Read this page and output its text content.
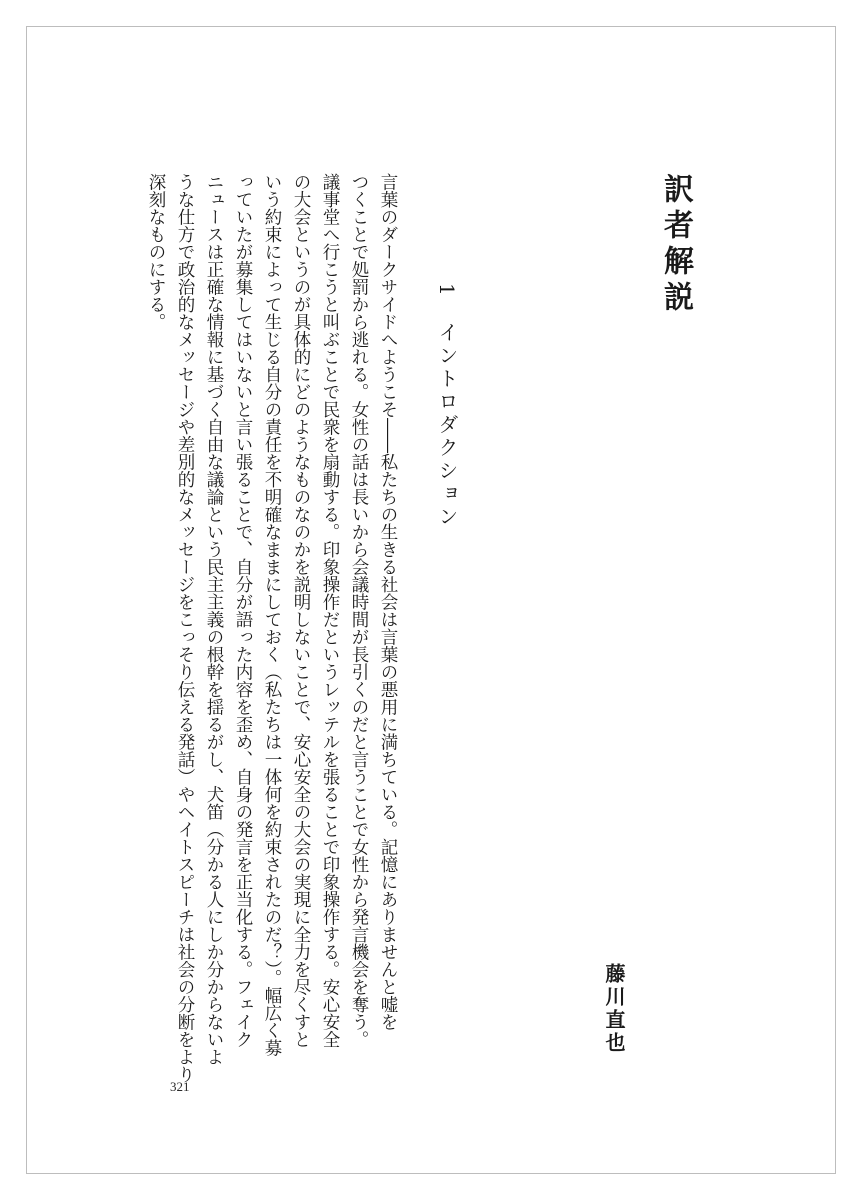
訳者解説
1　イントロダクション
藤川直也
言葉のダークサイドへようこそ――私たちの生きる社会は言葉の悪用に満ちている。記憶にありませんと嘘を
つくことで処罰から逃れる。女性の話は長いから会議時間が長引くのだと言うことで女性から発言機会を奪う。
議事堂へ行こうと叫ぶことで民衆を扇動する。印象操作だというレッテルを張ることで印象操作する。安心安全
の大会というのが具体的にどのようなものなのかを説明しないことで、安心安全の大会の実現に全力を尽くすと
いう約束によって生じる自分の責任を不明確なままにしておく（私たちは一体何を約束されたのだ？）。幅広く募
っていたが募集してはいないと言い張ることで、自分が語った内容を歪め、自身の発言を正当化する。フェイク
ニュースは正確な情報に基づく自由な議論という民主主義の根幹を揺るがし、犬笛（分かる人にしか分からないよ
うな仕方で政治的なメッセージや差別的なメッセージをこっそり伝える発話）やヘイトスピーチは社会の分断をより
深刻なものにする。
321
